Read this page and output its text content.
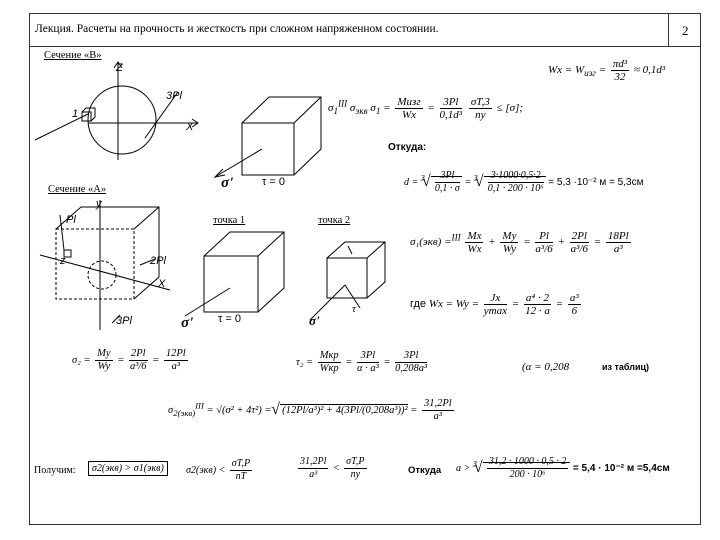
Лекция. Расчеты на прочность и жесткость при сложном напряженном состоянии.	2
Сечение «В»
Сечение «А»
точка 1	точка 2
Z
X
3Pl
1
Pl
y
2Pl
X
3Pl
z
σ'	τ = 0
σ' τ = 0	σ'
τ
$Wx = W_{изг} = \frac{\text{πd³}}{32} \approx 0,1d^3$
$\sigma_1^{III}$ $\sigma_{экв}$ $\sigma_1 = \frac{\text{Mизг}}{Wx} = \frac{3Pl}{\text{0,1d³}}$
$\frac{\sigma T,3}{ny} \le [\sigma]$;
Откуда:
d = $^3$ √ $\frac{3Pl}{0,1 \cdot \sigma} = ^3$ √ $\frac{3\cdot 1000\cdot 0,5\cdot 2}{\text{0,1 · 200 · 10⁶}} = 5,3 \cdot 10^{-2}$ м = 5,3см
$\sigma_1(экв) =^{III} \frac{Mx}{Wx} + \frac{My}{Wy} = \frac{Pl}{\text{a³/6}} + \frac{2Pl}{\text{a³/6}} = \frac{18Pl}{\text{a³}}$
где $Wx = Wy = \frac{Jx}{ymax} = \frac{\text{a⁴ · 2}}{12 \cdot a} = \frac{\text{a³}}{6}$
$\sigma_2 = \frac{My}{Wy} = \frac{2Pl}{\text{a³/6}} = \frac{12Pl}{\text{a³}}$	$\tau_2 = \frac{\text{Mкр}}{\text{Wкр}} = \frac{3Pl}{\text{α · a³}} = \frac{3Pl}{\text{0,208a³}}$	(α = 0,208	из таблиц)
$\sigma_{2(экв)}^{III} = √(\sigma^2 + 4\tau^2)$ = √ $(12Pl/a^3)^2 + 4(3Pl/(0,208a^3))^2 = \frac{31,2Pl}{\text{a³}}$
Получим:	σ2(экв) > σ1(экв)	$\sigma 2(экв) < \frac{\sigma T,P}{nT}$	$\frac{31,2Pl}{\text{a³}} < \frac{\sigma T,P}{ny}$	Откуда a > $^3$ √ $\frac{31,2 \cdot 1000 \cdot 0,5 \cdot 2}{\text{200 · 10⁶}} = 5,4 \cdot 10^{-2}$ м =5,4см
